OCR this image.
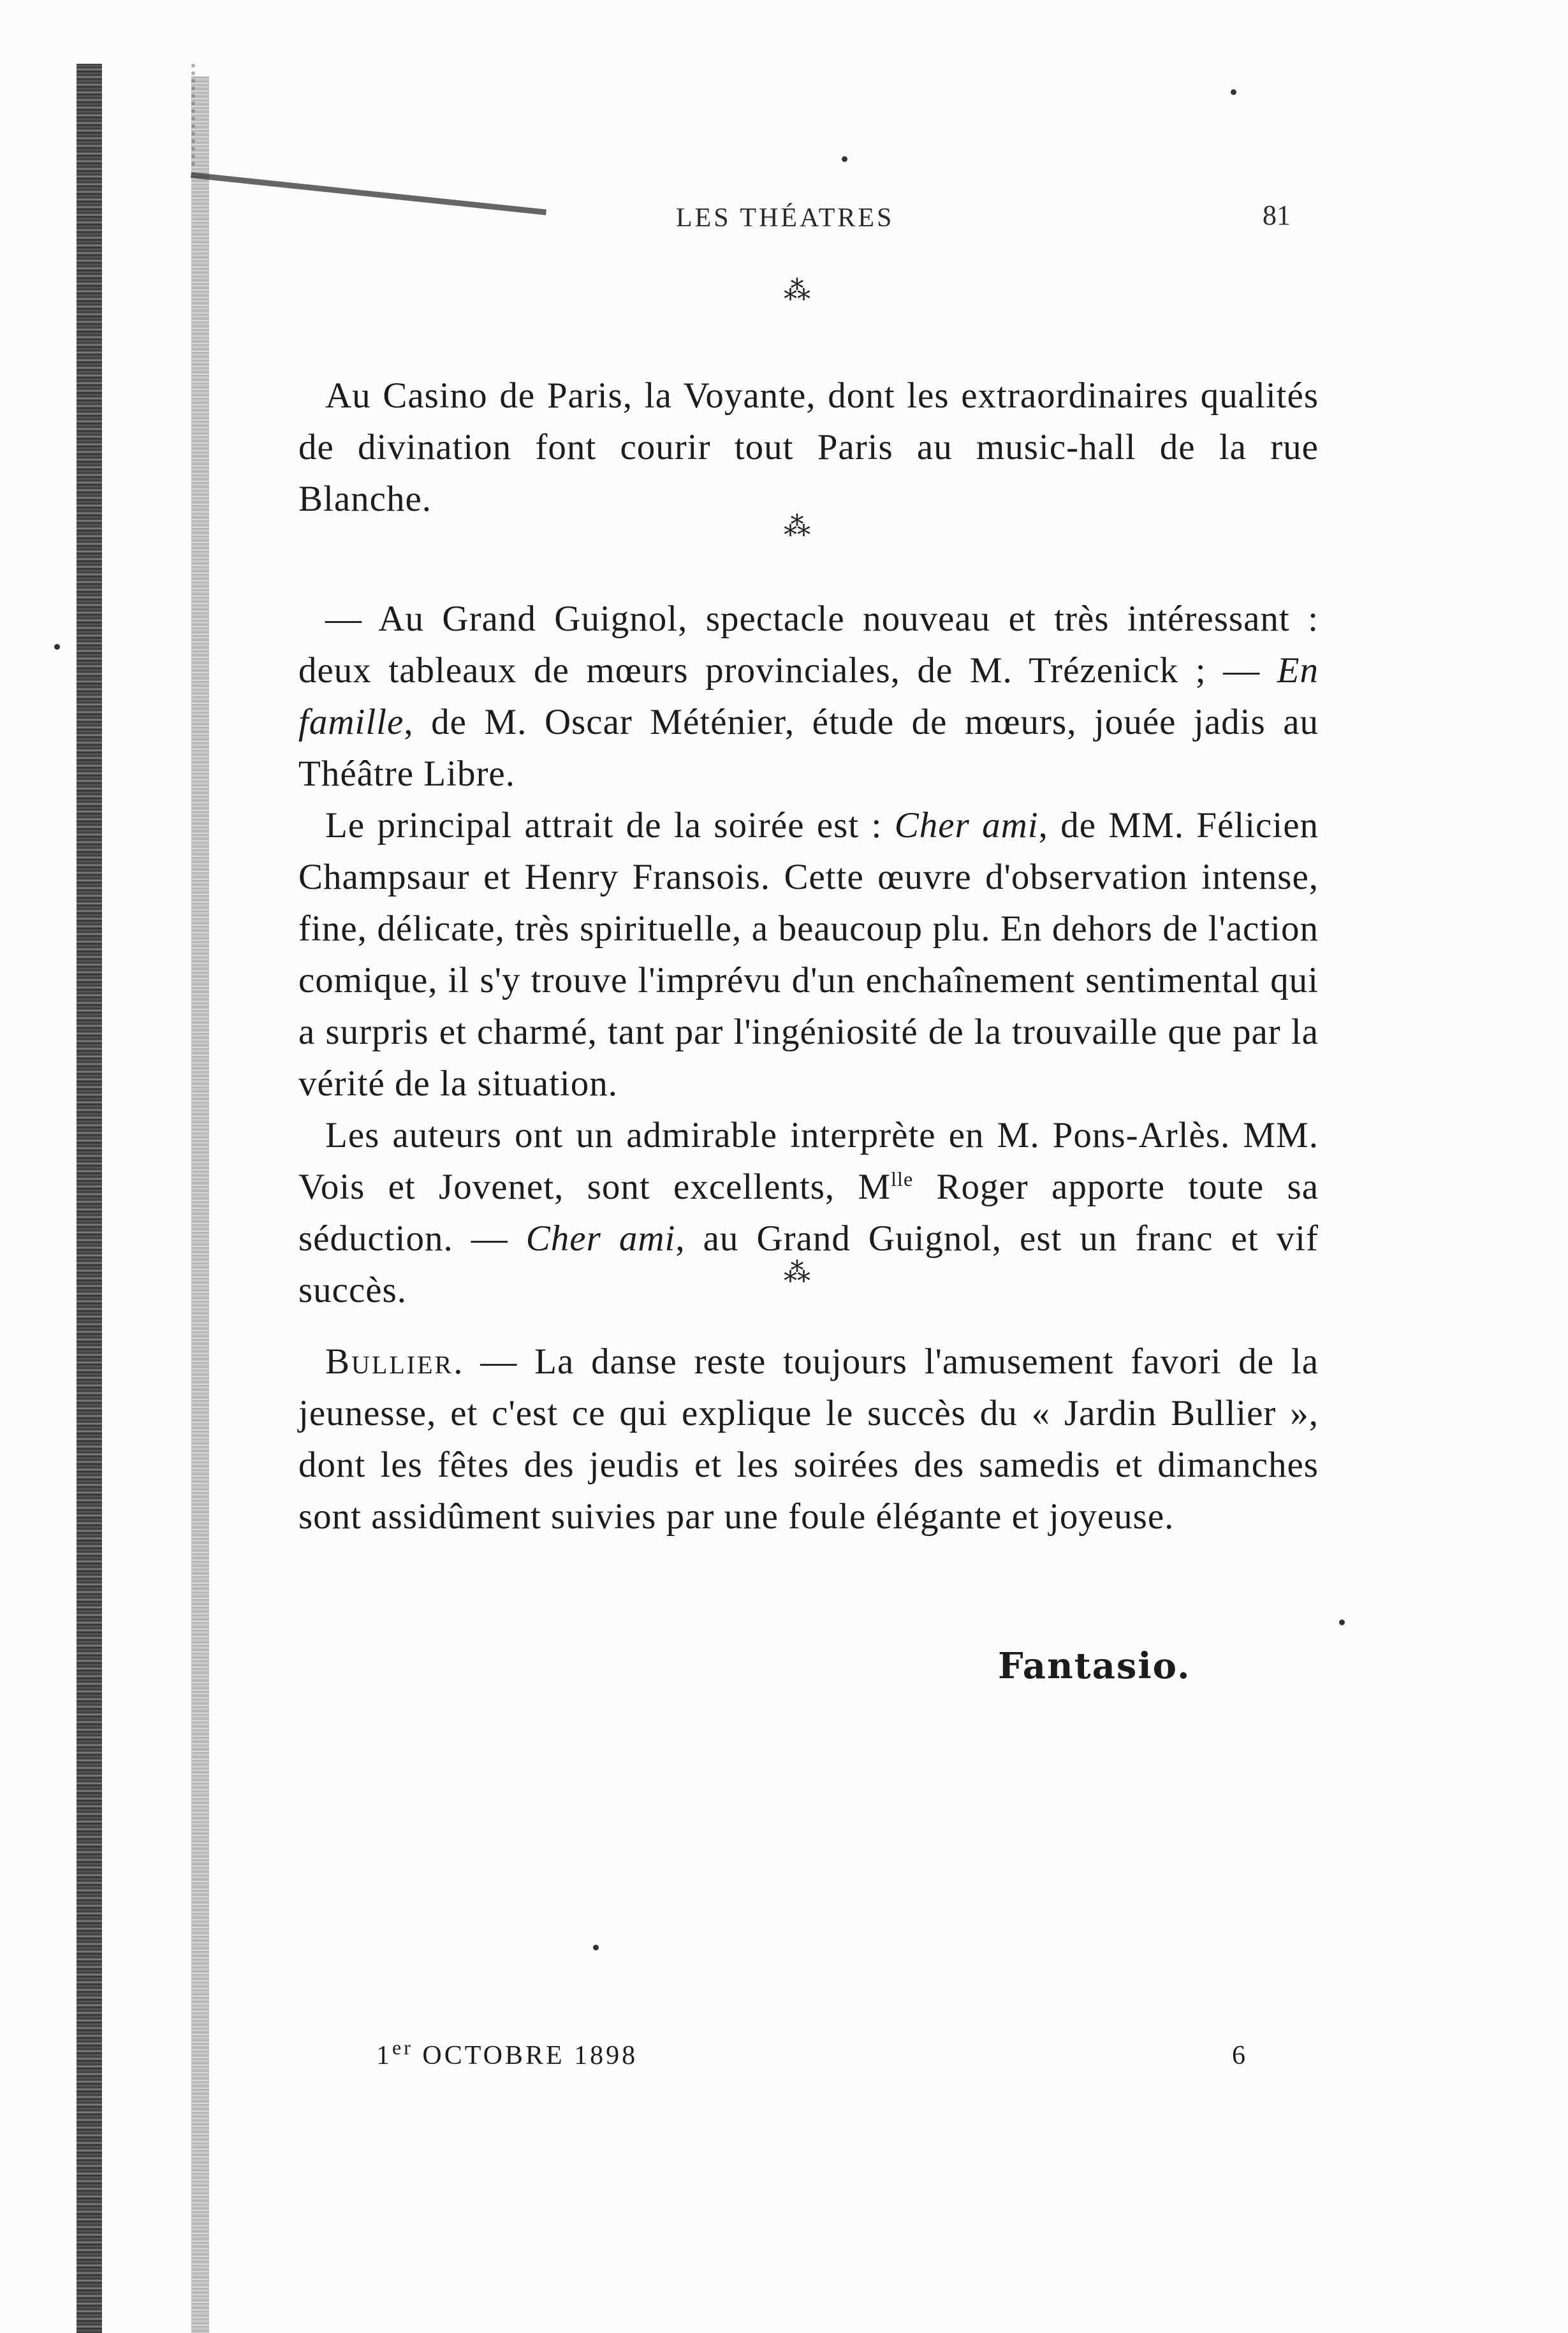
LES THÉATRES	81
⁂

Au Casino de Paris, la Voyante, dont les extraordinaires qualités de divination font courir tout Paris au music-hall de la rue Blanche.

⁂

— Au Grand Guignol, spectacle nouveau et très intéressant : deux tableaux de mœurs provinciales, de M. Trézenick ; — En famille, de M. Oscar Méténier, étude de mœurs, jouée jadis au Théâtre Libre.

Le principal attrait de la soirée est : Cher ami, de MM. Félicien Champsaur et Henry Fransois. Cette œuvre d'observation intense, fine, délicate, très spirituelle, a beaucoup plu. En dehors de l'action comique, il s'y trouve l'imprévu d'un enchaînement sentimental qui a surpris et charmé, tant par l'ingéniosité de la trouvaille que par la vérité de la situation.

Les auteurs ont un admirable interprète en M. Pons-Arlès. MM. Vois et Jovenet, sont excellents, $M^{lle}$ Roger apporte toute sa séduction. — Cher ami, au Grand Guignol, est un franc et vif succès.	⁂

Bullier. — La danse reste toujours l'amusement favori de la jeunesse, et c'est ce qui explique le succès du « Jardin Bullier », dont les fêtes des jeudis et les soirées des samedis et dimanches sont assidûment suivies par une foule élégante et joyeuse.

Fantasio.
1er OCTOBRE 1898	6
